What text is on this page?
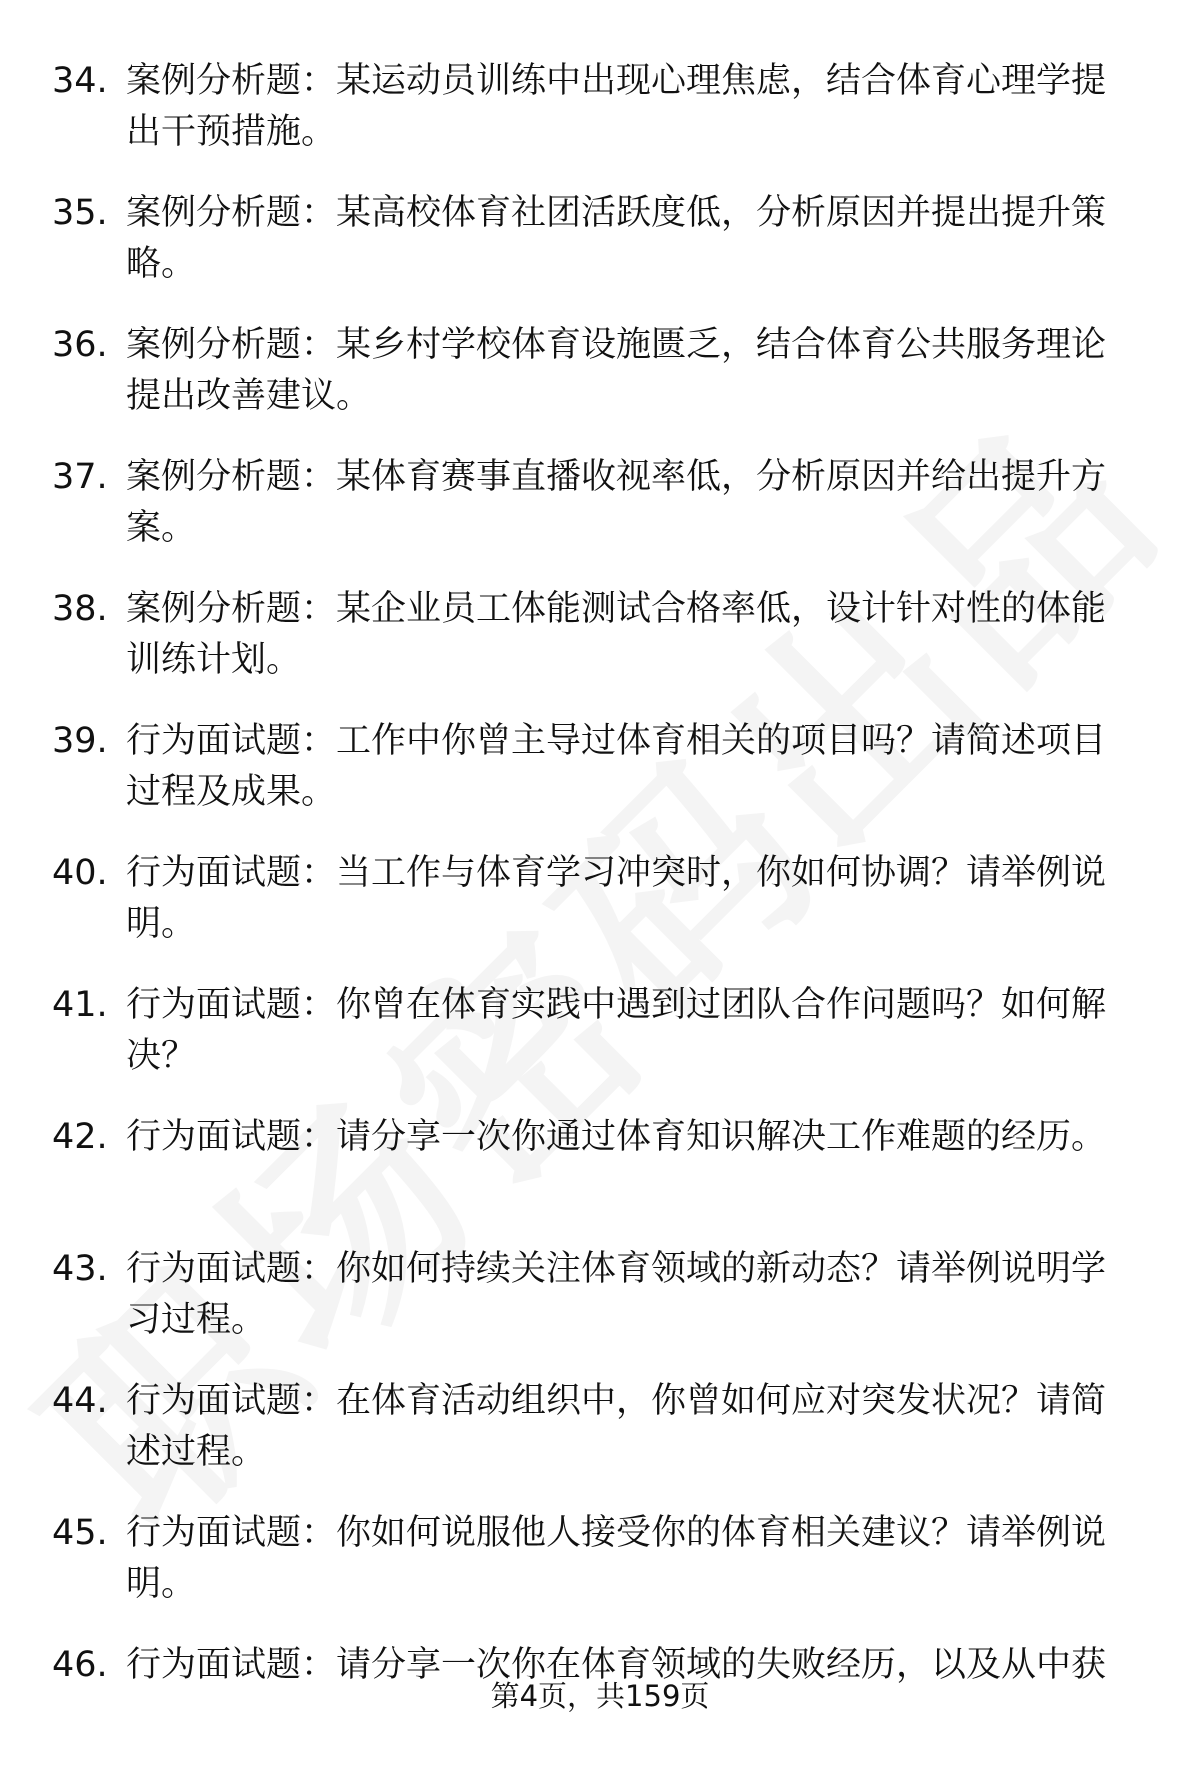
34. 案例分析题：某运动员训练中出现心理焦虑，结合体育心理学提出干预措施。
35. 案例分析题：某高校体育社团活跃度低，分析原因并提出提升策略。
36. 案例分析题：某乡村学校体育设施匮乏，结合体育公共服务理论提出改善建议。
37. 案例分析题：某体育赛事直播收视率低，分析原因并给出提升方案。
38. 案例分析题：某企业员工体能测试合格率低，设计针对性的体能训练计划。
39. 行为面试题：工作中你曾主导过体育相关的项目吗？请简述项目过程及成果。
40. 行为面试题：当工作与体育学习冲突时，你如何协调？请举例说明。
41. 行为面试题：你曾在体育实践中遇到过团队合作问题吗？如何解决？
42. 行为面试题：请分享一次你通过体育知识解决工作难题的经历。
43. 行为面试题：你如何持续关注体育领域的新动态？请举例说明学习过程。
44. 行为面试题：在体育活动组织中，你曾如何应对突发状况？请简述过程。
45. 行为面试题：你如何说服他人接受你的体育相关建议？请举例说明。
46. 行为面试题：请分享一次你在体育领域的失败经历，以及从中获
第4页，共159页
